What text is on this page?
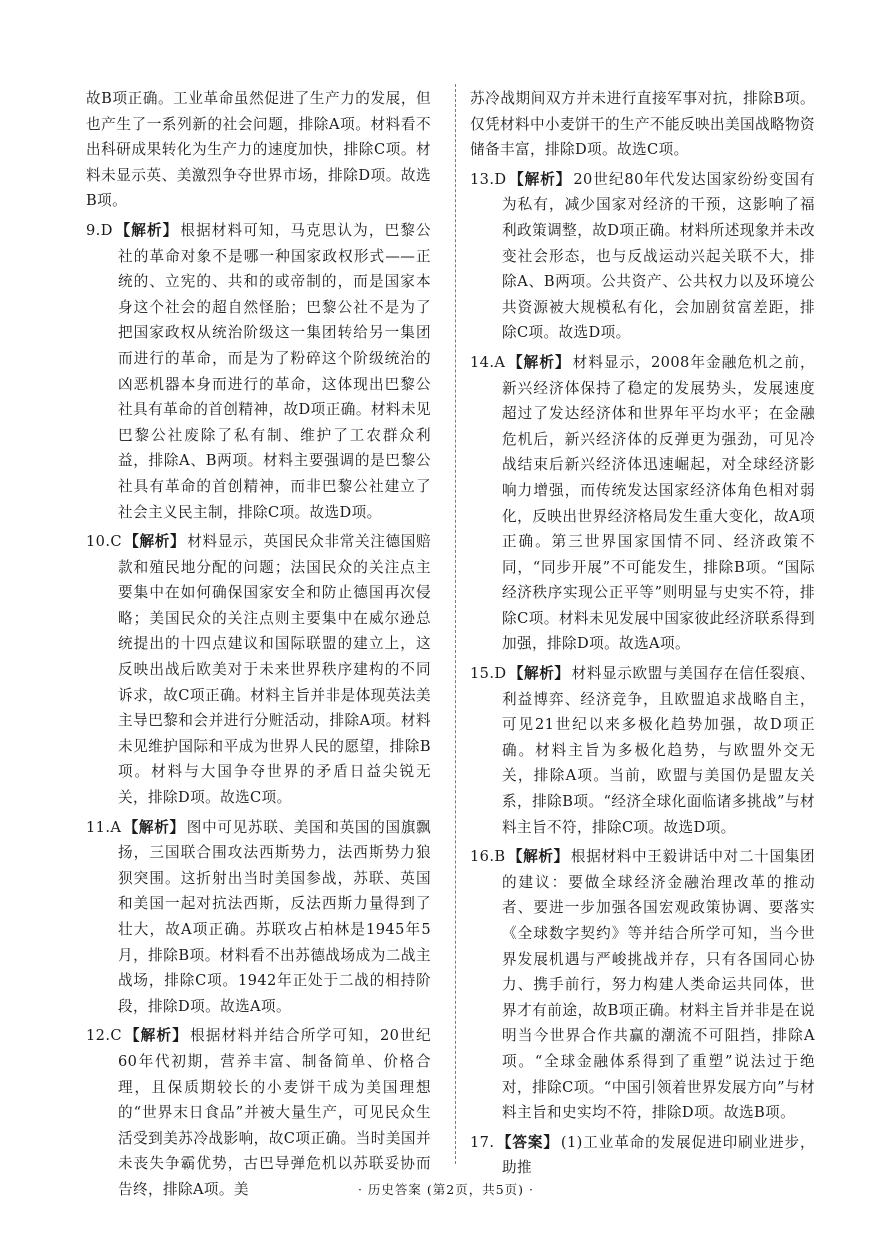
故B项正确。工业革命虽然促进了生产力的发展，但也产生了一系列新的社会问题，排除A项。材料看不出科研成果转化为生产力的速度加快，排除C项。材料未显示英、美激烈争夺世界市场，排除D项。故选B项。

9.D 【解析】 根据材料可知，马克思认为，巴黎公社的革命对象不是哪一种国家政权形式——正统的、立宪的、共和的或帝制的，而是国家本身这个社会的超自然怪胎；巴黎公社不是为了把国家政权从统治阶级这一集团转给另一集团而进行的革命，而是为了粉碎这个阶级统治的凶恶机器本身而进行的革命，这体现出巴黎公社具有革命的首创精神，故D项正确。材料未见巴黎公社废除了私有制、维护了工农群众利益，排除A、B两项。材料主要强调的是巴黎公社具有革命的首创精神，而非巴黎公社建立了社会主义民主制，排除C项。故选D项。

10.C 【解析】 材料显示，英国民众非常关注德国赔款和殖民地分配的问题；法国民众的关注点主要集中在如何确保国家安全和防止德国再次侵略；美国民众的关注点则主要集中在威尔逊总统提出的十四点建议和国际联盟的建立上，这反映出战后欧美对于未来世界秩序建构的不同诉求，故C项正确。材料主旨并非是体现英法美主导巴黎和会并进行分赃活动，排除A项。材料未见维护国际和平成为世界人民的愿望，排除B项。材料与大国争夺世界的矛盾日益尖锐无关，排除D项。故选C项。

11.A 【解析】 图中可见苏联、美国和英国的国旗飘扬，三国联合围攻法西斯势力，法西斯势力狼狈突围。这折射出当时美国参战，苏联、英国和美国一起对抗法西斯，反法西斯力量得到了壮大，故A项正确。苏联攻占柏林是1945年5月，排除B项。材料看不出苏德战场成为二战主战场，排除C项。1942年正处于二战的相持阶段，排除D项。故选A项。

12.C 【解析】 根据材料并结合所学可知，20世纪60年代初期，营养丰富、制备简单、价格合理，且保质期较长的小麦饼干成为美国理想的“世界末日食品”并被大量生产，可见民众生活受到美苏冷战影响，故C项正确。当时美国并未丧失争霸优势，古巴导弹危机以苏联妥协而告终，排除A项。美

苏冷战期间双方并未进行直接军事对抗，排除B项。仅凭材料中小麦饼干的生产不能反映出美国战略物资储备丰富，排除D项。故选C项。

13.D 【解析】 20世纪80年代发达国家纷纷变国有为私有，减少国家对经济的干预，这影响了福利政策调整，故D项正确。材料所述现象并未改变社会形态，也与反战运动兴起关联不大，排除A、B两项。公共资产、公共权力以及环境公共资源被大规模私有化，会加剧贫富差距，排除C项。故选D项。

14.A 【解析】 材料显示，2008年金融危机之前，新兴经济体保持了稳定的发展势头，发展速度超过了发达经济体和世界年平均水平；在金融危机后，新兴经济体的反弹更为强劲，可见冷战结束后新兴经济体迅速崛起，对全球经济影响力增强，而传统发达国家经济体角色相对弱化，反映出世界经济格局发生重大变化，故A项正确。第三世界国家国情不同、经济政策不同，“同步开展”不可能发生，排除B项。“国际经济秩序实现公正平等”则明显与史实不符，排除C项。材料未见发展中国家彼此经济联系得到加强，排除D项。故选A项。

15.D 【解析】 材料显示欧盟与美国存在信任裂痕、利益博弈、经济竞争，且欧盟追求战略自主，可见21世纪以来多极化趋势加强，故D项正确。材料主旨为多极化趋势，与欧盟外交无关，排除A项。当前，欧盟与美国仍是盟友关系，排除B项。“经济全球化面临诸多挑战”与材料主旨不符，排除C项。故选D项。

16.B 【解析】 根据材料中王毅讲话中对二十国集团的建议：要做全球经济金融治理改革的推动者、要进一步加强各国宏观政策协调、要落实《全球数字契约》等并结合所学可知，当今世界发展机遇与严峻挑战并存，只有各国同心协力、携手前行，努力构建人类命运共同体，世界才有前途，故B项正确。材料主旨并非是在说明当今世界合作共赢的潮流不可阻挡，排除A项。“全球金融体系得到了重塑”说法过于绝对，排除C项。“中国引领着世界发展方向”与材料主旨和史实均不符，排除D项。故选B项。

17. 【答案】 (1)工业革命的发展促进印刷业进步，助推

· 历史答案 (第2页，共5页) ·
